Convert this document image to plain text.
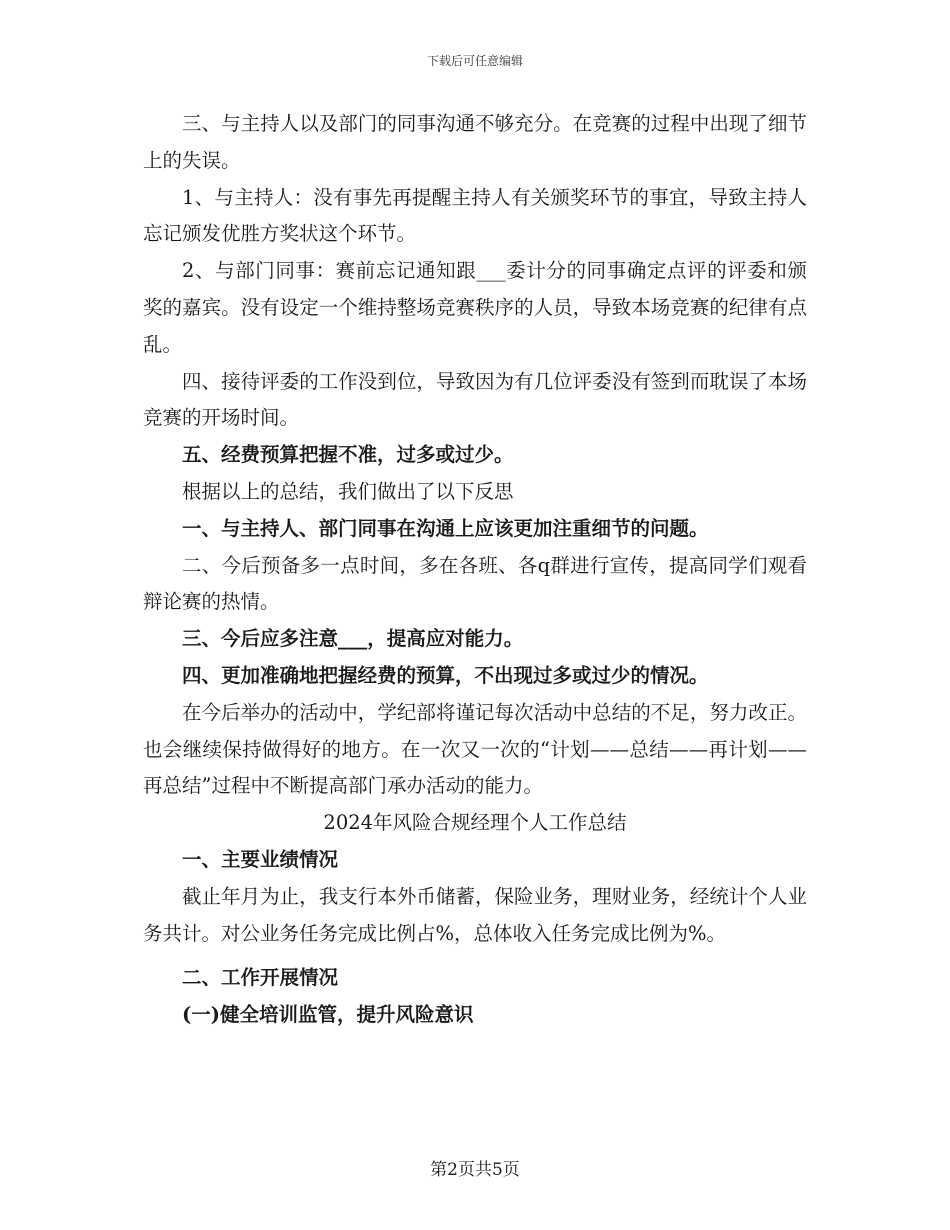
下载后可任意编辑

三、与主持人以及部门的同事沟通不够充分。在竞赛的过程中出现了细节上的失误。

1、与主持人：没有事先再提醒主持人有关颁奖环节的事宜，导致主持人忘记颁发优胜方奖状这个环节。

2、与部门同事：赛前忘记通知跟___委计分的同事确定点评的评委和颁奖的嘉宾。没有设定一个维持整场竞赛秩序的人员，导致本场竞赛的纪律有点乱。

四、接待评委的工作没到位，导致因为有几位评委没有签到而耽误了本场竞赛的开场时间。

五、经费预算把握不准，过多或过少。

根据以上的总结，我们做出了以下反思

一、与主持人、部门同事在沟通上应该更加注重细节的问题。

二、今后预备多一点时间，多在各班、各q群进行宣传，提高同学们观看辩论赛的热情。

三、今后应多注意___，提高应对能力。

四、更加准确地把握经费的预算，不出现过多或过少的情况。

在今后举办的活动中，学纪部将谨记每次活动中总结的不足，努力改正。也会继续保持做得好的地方。在一次又一次的“计划——总结——再计划——再总结”过程中不断提高部门承办活动的能力。

2024年风险合规经理个人工作总结

一、主要业绩情况

截止年月为止，我支行本外币储蓄，保险业务，理财业务，经统计个人业务共计。对公业务任务完成比例占%，总体收入任务完成比例为%。

二、工作开展情况

(一)健全培训监管，提升风险意识

第2页共5页
